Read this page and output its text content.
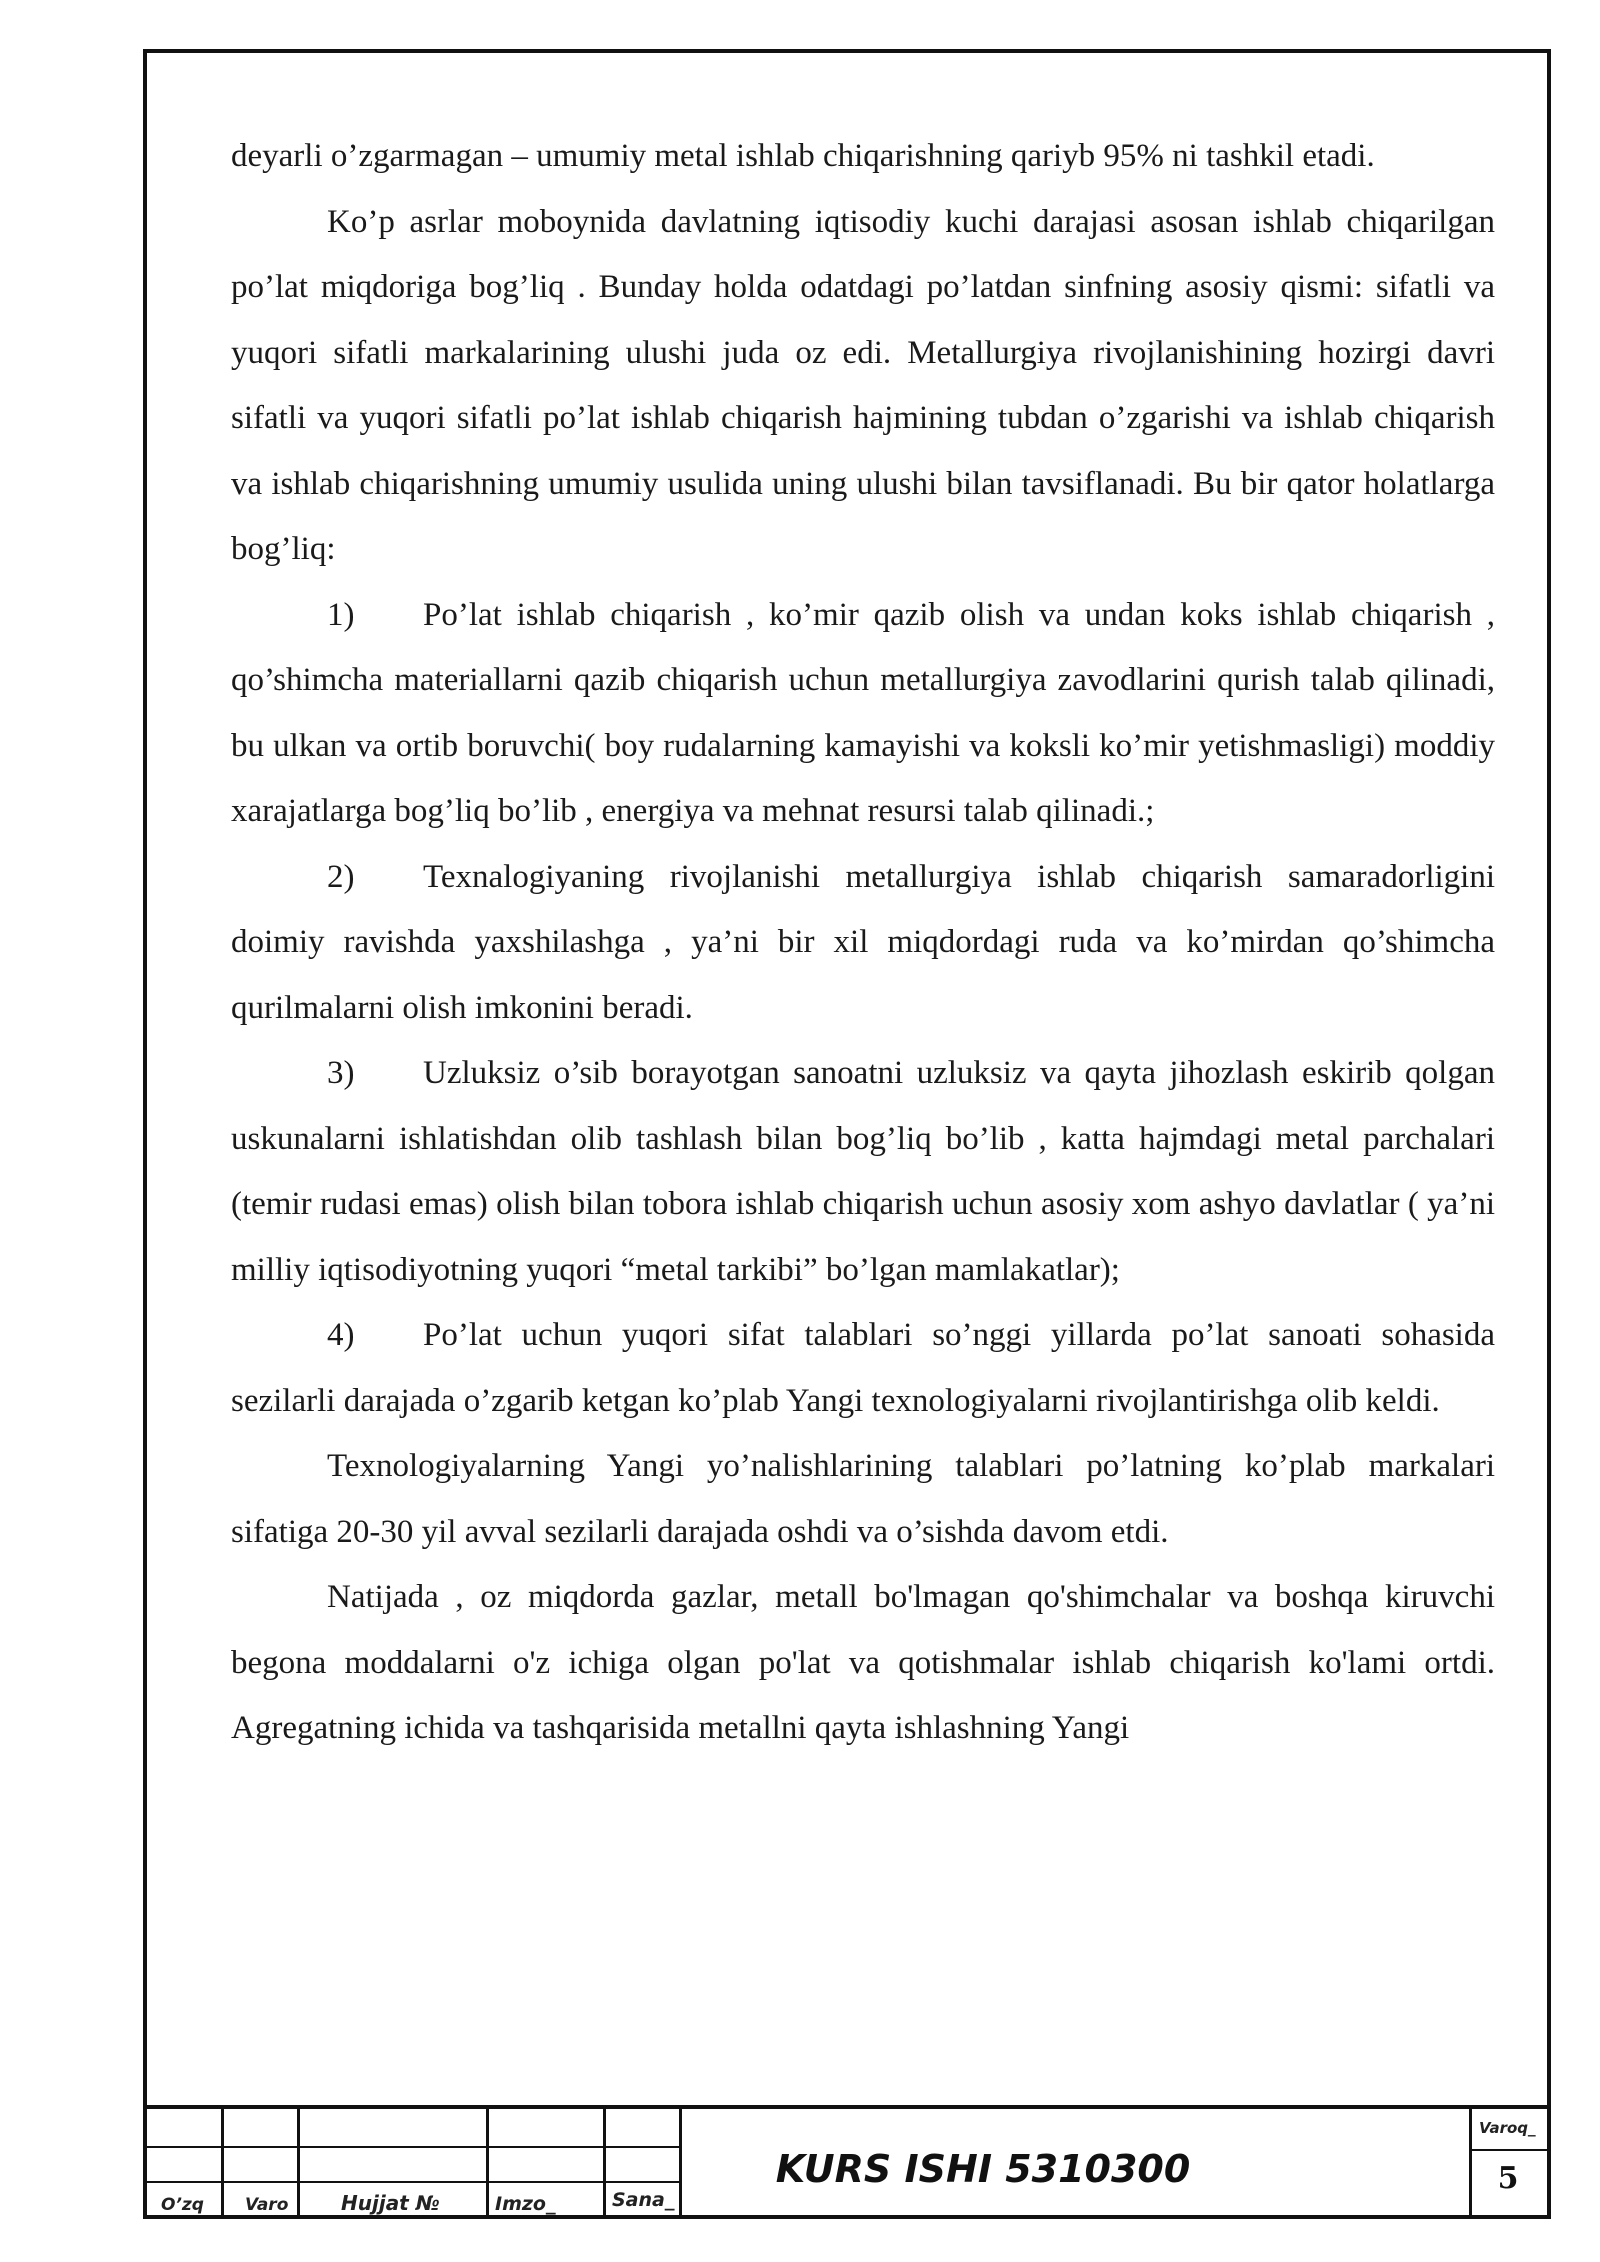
deyarli o’zgarmagan – umumiy metal ishlab chiqarishning qariyb 95% ni tashkil etadi.

Ko’p asrlar moboynida davlatning iqtisodiy kuchi darajasi asosan ishlab chiqarilgan po’lat miqdoriga bog’liq . Bunday holda odatdagi po’latdan sinfning asosiy qismi: sifatli va yuqori sifatli markalarining ulushi juda oz edi. Metallurgiya rivojlanishining hozirgi davri sifatli va yuqori sifatli po’lat ishlab chiqarish hajmining tubdan o’zgarishi va ishlab chiqarish va ishlab chiqarishning umumiy usulida uning ulushi bilan tavsiflanadi. Bu bir qator holatlarga bog’liq:

1) Po’lat ishlab chiqarish , ko’mir qazib olish va undan koks ishlab chiqarish , qo’shimcha materiallarni qazib chiqarish uchun metallurgiya zavodlarini qurish talab qilinadi, bu ulkan va ortib boruvchi( boy rudalarning kamayishi va koksli ko’mir yetishmasligi) moddiy xarajatlarga bog’liq bo’lib , energiya va mehnat resursi talab qilinadi.;

2) Texnalogiyaning rivojlanishi metallurgiya ishlab chiqarish samaradorligini doimiy ravishda yaxshilashga , ya’ni bir xil miqdordagi ruda va ko’mirdan qo’shimcha qurilmalarni olish imkonini beradi.

3) Uzluksiz o’sib borayotgan sanoatni uzluksiz va qayta jihozlash eskirib qolgan uskunalarni ishlatishdan olib tashlash bilan bog’liq bo’lib , katta hajmdagi metal parchalari (temir rudasi emas) olish bilan tobora ishlab chiqarish uchun asosiy xom ashyo davlatlar ( ya’ni milliy iqtisodiyotning yuqori “metal tarkibi” bo’lgan mamlakatlar);

4) Po’lat uchun yuqori sifat talablari so’nggi yillarda po’lat sanoati sohasida sezilarli darajada o’zgarib ketgan ko’plab Yangi texnologiyalarni rivojlantirishga olib keldi.

Texnologiyalarning Yangi yo’nalishlarining talablari po’latning ko’plab markalari sifatiga 20-30 yil avval sezilarli darajada oshdi va o’sishda davom etdi.

Natijada , oz miqdorda gazlar, metall bo'lmagan qo'shimchalar va boshqa kiruvchi begona moddalarni o'z ichiga olgan po'lat va qotishmalar ishlab chiqarish ko'lami ortdi. Agregatning ichida va tashqarisida metallni qayta ishlashning Yangi

O’zq Varo	Hujjat №	Imzo_	Sana_
KURS ISHI 5310300
Varoq_
5
